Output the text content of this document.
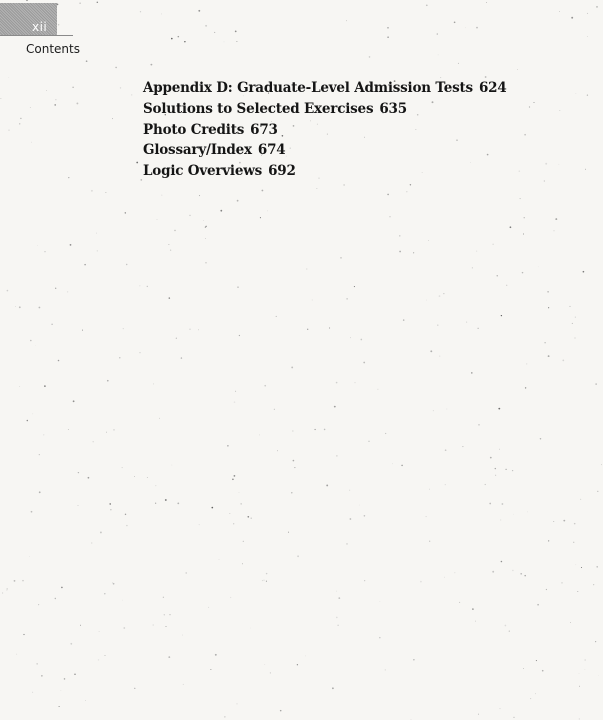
xii
Contents
Appendix D: Graduate-Level Admission Tests 624
Solutions to Selected Exercises 635
Photo Credits 673
Glossary/Index 674
Logic Overviews 692
